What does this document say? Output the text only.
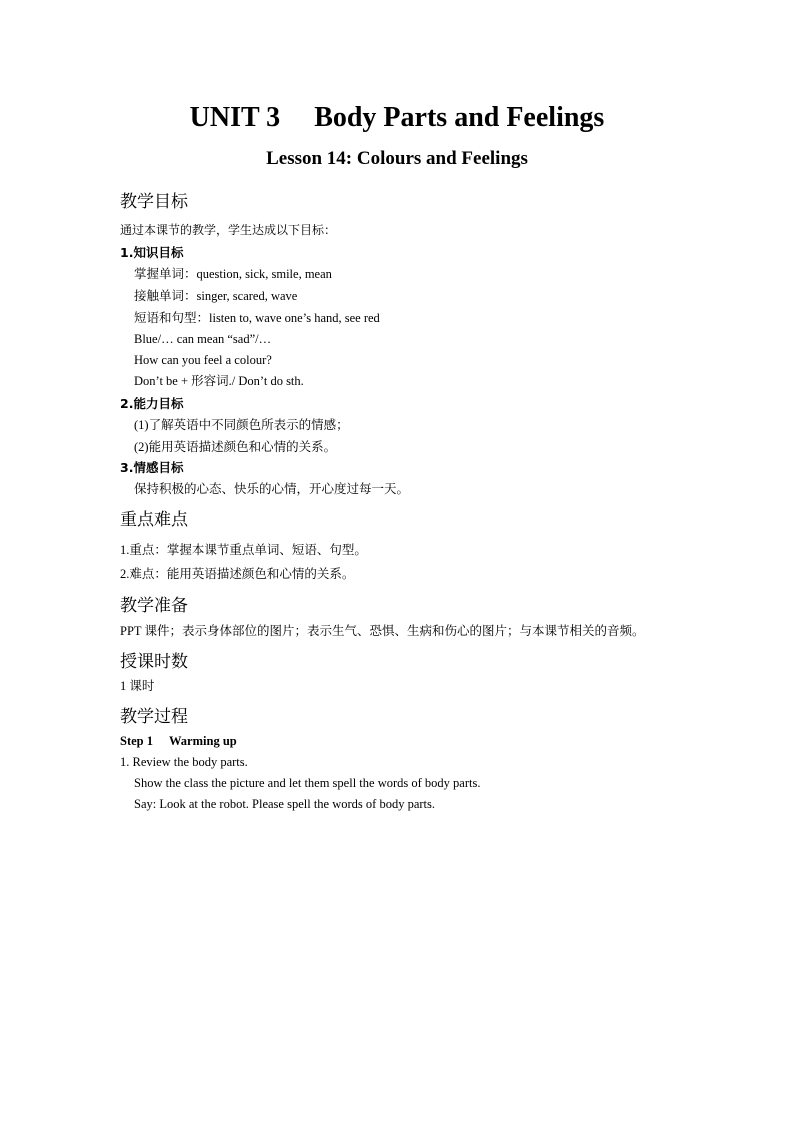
UNIT 3 Body Parts and Feelings
Lesson 14: Colours and Feelings
教学目标
通过本课节的教学，学生达成以下目标：
1.知识目标
掌握单词：question, sick, smile, mean
接触单词：singer, scared, wave
短语和句型：listen to, wave one’s hand, see red
Blue/… can mean “sad”/…
How can you feel a colour?
Don’t be + 形容词./ Don’t do sth.
2.能力目标
(1)了解英语中不同颜色所表示的情感；
(2)能用英语描述颜色和心情的关系。
3.情感目标
保持积极的心态、快乐的心情，开心度过每一天。
重点难点
1.重点：掌握本课节重点单词、短语、句型。
2.难点：能用英语描述颜色和心情的关系。
教学准备
PPT 课件；表示身体部位的图片；表示生气、恐惧、生病和伤心的图片；与本课节相关的音频。
授课时数
1 课时
教学过程
Step 1 Warming up
1. Review the body parts.
Show the class the picture and let them spell the words of body parts.
Say: Look at the robot. Please spell the words of body parts.
